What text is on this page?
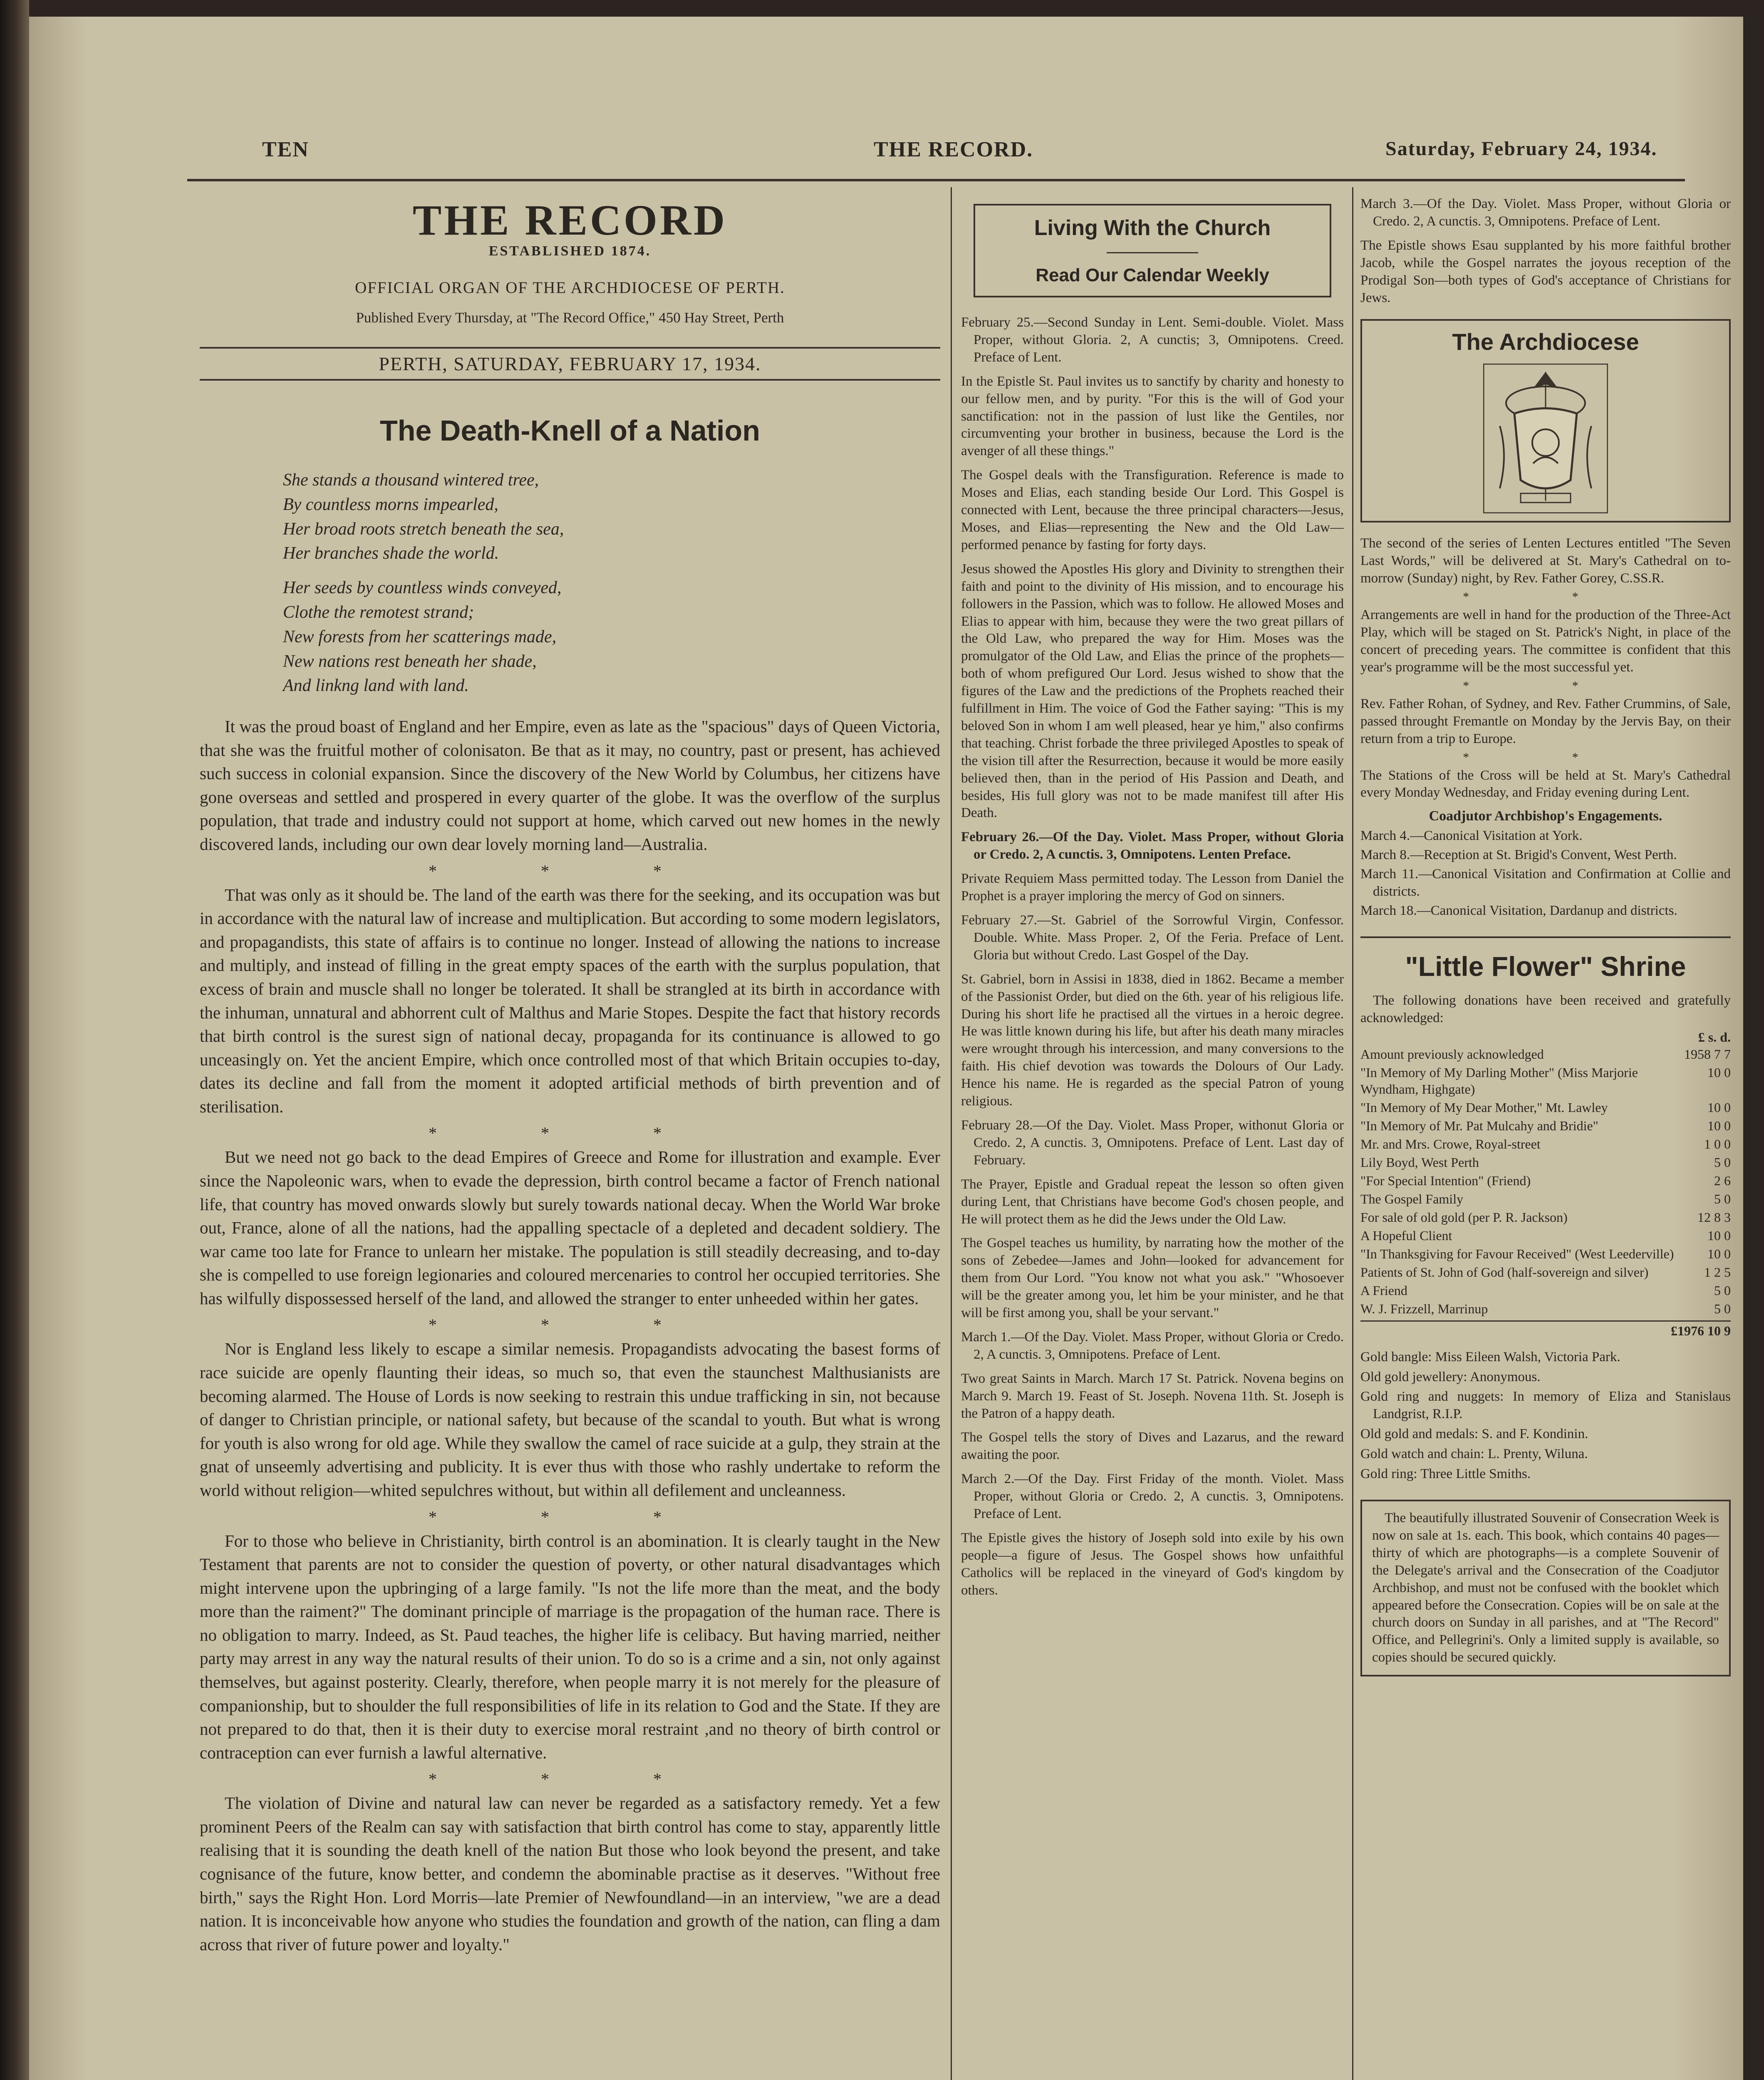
TEN	THE RECORD.	Saturday, February 24, 1934.
THE RECORD
ESTABLISHED 1874.
OFFICIAL ORGAN OF THE ARCHDIOCESE OF PERTH.
Published Every Thursday, at "The Record Office," 450 Hay Street, Perth
PERTH, SATURDAY, FEBRUARY 17, 1934.
The Death-Knell of a Nation

She stands a thousand wintered tree,
By countless morns impearled,
Her broad roots stretch beneath the sea,
Her branches shade the world.

Her seeds by countless winds conveyed,
Clothe the remotest strand;
New forests from her scatterings made,
New nations rest beneath her shade,
And linkng land with land.

It was the proud boast of England and her Empire, even as late as the "spacious" days of Queen Victoria, that she was the fruitful mother of colonisaton. Be that as it may, no country, past or present, has achieved such success in colonial expansion. Since the discovery of the New World by Columbus, her citizens have gone overseas and settled and prospered in every quarter of the globe. It was the overflow of the surplus population, that trade and industry could not support at home, which carved out new homes in the newly discovered lands, including our own dear lovely morning land—Australia.

* * *

That was only as it should be. The land of the earth was there for the seeking, and its occupation was but in accordance with the natural law of increase and multiplication. But according to some modern legislators, and propagandists, this state of affairs is to continue no longer. Instead of allowing the nations to increase and multiply, and instead of filling in the great empty spaces of the earth with the surplus population, that excess of brain and muscle shall no longer be tolerated. It shall be strangled at its birth in accordance with the inhuman, unnatural and abhorrent cult of Malthus and Marie Stopes. Despite the fact that history records that birth control is the surest sign of national decay, propaganda for its continuance is allowed to go unceasingly on. Yet the ancient Empire, which once controlled most of that which Britain occupies to-day, dates its decline and fall from the moment it adopted artificial methods of birth prevention and of sterilisation.

* * *

But we need not go back to the dead Empires of Greece and Rome for illustration and example. Ever since the Napoleonic wars, when to evade the depression, birth control became a factor of French national life, that country has moved onwards slowly but surely towards national decay. When the World War broke out, France, alone of all the nations, had the appalling spectacle of a depleted and decadent soldiery. The war came too late for France to unlearn her mistake. The population is still steadily decreasing, and to-day she is compelled to use foreign legionaries and coloured mercenaries to control her occupied territories. She has wilfully dispossessed herself of the land, and allowed the stranger to enter unheeded within her gates.

* * *

Nor is England less likely to escape a similar nemesis. Propagandists advocating the basest forms of race suicide are openly flaunting their ideas, so much so, that even the staunchest Malthusianists are becoming alarmed. The House of Lords is now seeking to restrain this undue trafficking in sin, not because of danger to Christian principle, or national safety, but because of the scandal to youth. But what is wrong for youth is also wrong for old age. While they swallow the camel of race suicide at a gulp, they strain at the gnat of unseemly advertising and publicity. It is ever thus with those who rashly undertake to reform the world without religion—whited sepulchres without, but within all defilement and uncleanness.

* * *

For to those who believe in Christianity, birth control is an abomination. It is clearly taught in the New Testament that parents are not to consider the question of poverty, or other natural disadvantages which might intervene upon the upbringing of a large family. "Is not the life more than the meat, and the body more than the raiment?" The dominant principle of marriage is the propagation of the human race. There is no obligation to marry. Indeed, as St. Paud teaches, the higher life is celibacy. But having married, neither party may arrest in any way the natural results of their union. To do so is a crime and a sin, not only against themselves, but against posterity. Clearly, therefore, when people marry it is not merely for the pleasure of companionship, but to shoulder the full responsibilities of life in its relation to God and the State. If they are not prepared to do that, then it is their duty to exercise moral restraint ,and no theory of birth control or contraception can ever furnish a lawful alternative.

* * *

The violation of Divine and natural law can never be regarded as a satisfactory remedy. Yet a few prominent Peers of the Realm can say with satisfaction that birth control has come to stay, apparently little realising that it is sounding the death knell of the nation But those who look beyond the present, and take cognisance of the future, know better, and condemn the abominable practise as it deserves. "Without free birth," says the Right Hon. Lord Morris—late Premier of Newfoundland—in an interview, "we are a dead nation. It is inconceivable how anyone who studies the foundation and growth of the nation, can fling a dam across that river of future power and loyalty."

Living With the Church
Read Our Calendar Weekly

February 25.—Second Sunday in Lent. Semi-double. Violet. Mass Proper, without Gloria. 2, A cunctis; 3, Omnipotens. Creed. Preface of Lent.

In the Epistle St. Paul invites us to sanctify by charity and honesty to our fellow men, and by purity. "For this is the will of God your sanctification: not in the passion of lust like the Gentiles, nor circumventing your brother in business, because the Lord is the avenger of all these things."

The Gospel deals with the Transfiguration. Reference is made to Moses and Elias, each standing beside Our Lord. This Gospel is connected with Lent, because the three principal characters—Jesus, Moses, and Elias—representing the New and the Old Law—performed penance by fasting for forty days.

Jesus showed the Apostles His glory and Divinity to strengthen their faith and point to the divinity of His mission, and to encourage his followers in the Passion, which was to follow. He allowed Moses and Elias to appear with him, because they were the two great pillars of the Old Law, who prepared the way for Him. Moses was the promulgator of the Old Law, and Elias the prince of the prophets—both of whom prefigured Our Lord. Jesus wished to show that the figures of the Law and the predictions of the Prophets reached their fulfillment in Him. The voice of God the Father saying: "This is my beloved Son in whom I am well pleased, hear ye him," also confirms that teaching. Christ forbade the three privileged Apostles to speak of the vision till after the Resurrection, because it would be more easily believed then, than in the period of His Passion and Death, and besides, His full glory was not to be made manifest till after His Death.

February 26.—Of the Day. Violet. Mass Proper, without Gloria or Credo. 2, A cunctis. 3, Omnipotens. Lenten Preface.

Private Requiem Mass permitted today. The Lesson from Daniel the Prophet is a prayer imploring the mercy of God on sinners.

February 27.—St. Gabriel of the Sorrowful Virgin, Confessor. Double. White. Mass Proper. 2, Of the Feria. Preface of Lent. Gloria but without Credo. Last Gospel of the Day.

St. Gabriel, born in Assisi in 1838, died in 1862. Became a member of the Passionist Order, but died on the 6th. year of his religious life. During his short life he practised all the virtues in a heroic degree. He was little known during his life, but after his death many miracles were wrought through his intercession, and many conversions to the faith. His chief devotion was towards the Dolours of Our Lady. Hence his name. He is regarded as the special Patron of young religious.

February 28.—Of the Day. Violet. Mass Proper, withonut Gloria or Credo. 2, A cunctis. 3, Omnipotens. Preface of Lent. Last day of February.

The Prayer, Epistle and Gradual repeat the lesson so often given during Lent, that Christians have become God's chosen people, and He will protect them as he did the Jews under the Old Law.

The Gospel teaches us humility, by narrating how the mother of the sons of Zebedee—James and John—looked for advancement for them from Our Lord. "You know not what you ask." "Whosoever will be the greater among you, let him be your minister, and he that will be first among you, shall be your servant."

March 1.—Of the Day. Violet. Mass Proper, without Gloria or Credo. 2, A cunctis. 3, Omnipotens. Preface of Lent.

Two great Saints in March. March 17 St. Patrick. Novena begins on March 9. March 19. Feast of St. Joseph. Novena 11th. St. Joseph is the Patron of a happy death.

The Gospel tells the story of Dives and Lazarus, and the reward awaiting the poor.

March 2.—Of the Day. First Friday of the month. Violet. Mass Proper, without Gloria or Credo. 2, A cunctis. 3, Omnipotens. Preface of Lent.

The Epistle gives the history of Joseph sold into exile by his own people—a figure of Jesus. The Gospel shows how unfaithful Catholics will be replaced in the vineyard of God's kingdom by others.

March 3.—Of the Day. Violet. Mass Proper, without Gloria or Credo. 2, A cunctis. 3, Omnipotens. Preface of Lent.

The Epistle shows Esau supplanted by his more faithful brother Jacob, while the Gospel narrates the joyous reception of the Prodigal Son—both types of God's acceptance of Christians for Jews.

The Archdiocese

The second of the series of Lenten Lectures entitled "The Seven Last Words," will be delivered at St. Mary's Cathedral on to-morrow (Sunday) night, by Rev. Father Gorey, C.SS.R.

* *

Arrangements are well in hand for the production of the Three-Act Play, which will be staged on St. Patrick's Night, in place of the concert of preceding years. The committee is confident that this year's programme will be the most successful yet.

* *

Rev. Father Rohan, of Sydney, and Rev. Father Crummins, of Sale, passed throught Fremantle on Monday by the Jervis Bay, on their return from a trip to Europe.

* *

The Stations of the Cross will be held at St. Mary's Cathedral every Monday Wednesday, and Friday evening during Lent.

Coadjutor Archbishop's Engagements.
March 4.—Canonical Visitation at York.
March 8.—Reception at St. Brigid's Convent, West Perth.
March 11.—Canonical Visitation and Confirmation at Collie and districts.
March 18.—Canonical Visitation, Dardanup and districts.
"Little Flower" Shrine

The following donations have been received and gratefully acknowledged:

£ s. d.
Amount previously acknowledged	1958 7 7
"In Memory of My Darling Mother" (Miss Marjorie Wyndham, Highgate)	10 0
"In Memory of My Dear Mother," Mt. Lawley	10 0
"In Memory of Mr. Pat Mulcahy and Bridie"	10 0
Mr. and Mrs. Crowe, Royal-street	1 0 0
Lily Boyd, West Perth	5 0
"For Special Intention" (Friend)	2 6
The Gospel Family	5 0
For sale of old gold (per P. R. Jackson)	12 8 3
A Hopeful Client	10 0
"In Thanksgiving for Favour Received" (West Leederville)	10 0
Patients of St. John of God (half-sovereign and silver)	1 2 5
A Friend	5 0
W. J. Frizzell, Marrinup	5 0
£1976 10 9

Gold bangle: Miss Eileen Walsh, Victoria Park.

Old gold jewellery: Anonymous.

Gold ring and nuggets: In memory of Eliza and Stanislaus Landgrist, R.I.P.

Old gold and medals: S. and F. Kondinin.

Gold watch and chain: L. Prenty, Wiluna.

Gold ring: Three Little Smiths.

The beautifully illustrated Souvenir of Consecration Week is now on sale at 1s. each. This book, which contains 40 pages—thirty of which are photographs—is a complete Souvenir of the Delegate's arrival and the Consecration of the Coadjutor Archbishop, and must not be confused with the booklet which appeared before the Consecration. Copies will be on sale at the church doors on Sunday in all parishes, and at "The Record" Office, and Pellegrini's. Only a limited supply is available, so copies should be secured quickly.
